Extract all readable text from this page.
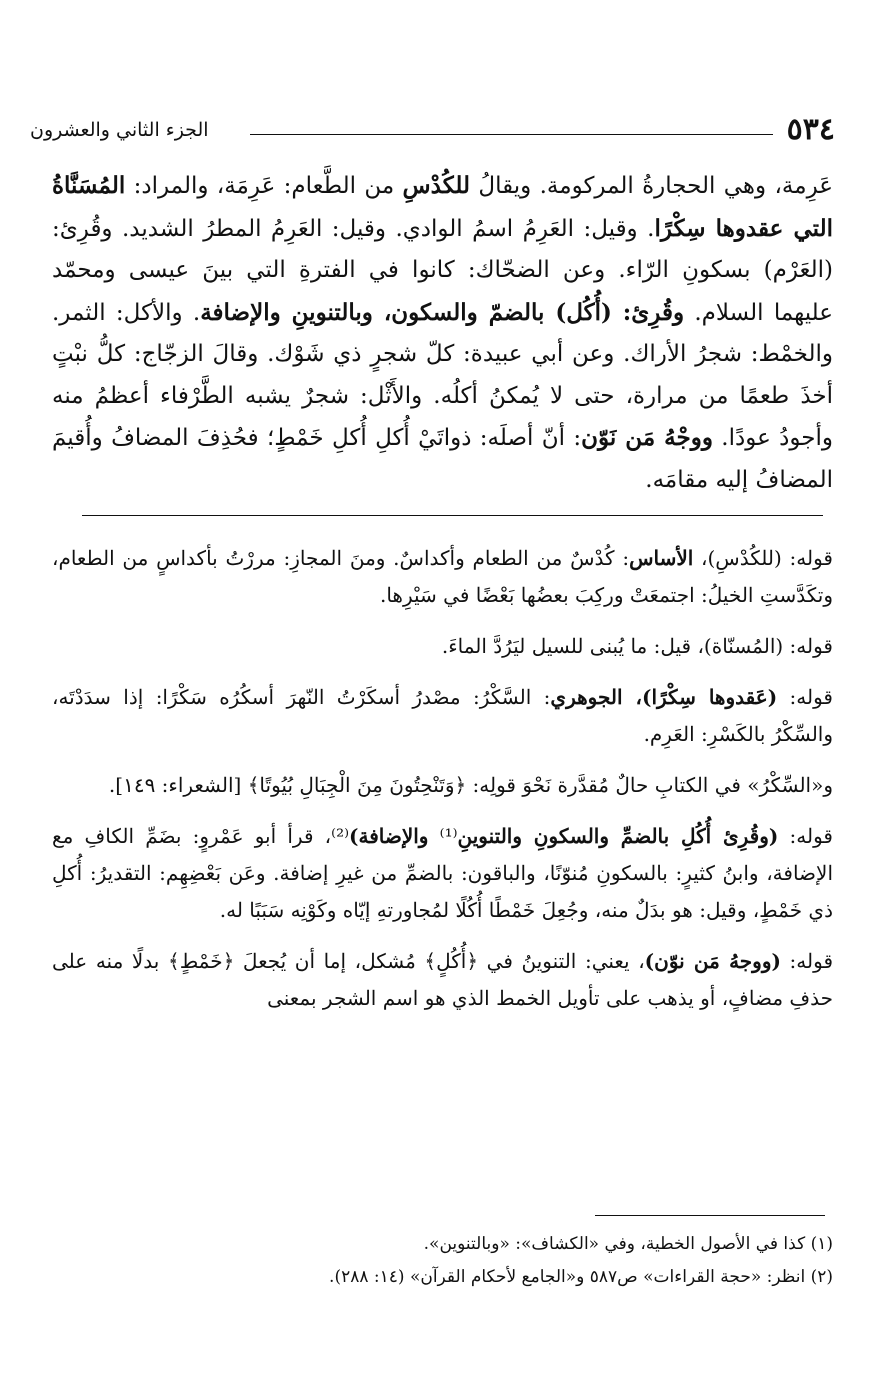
٥٣٤
الجزء الثاني والعشرون

عَرِمة، وهي الحجارةُ المركومة. ويقالُ للكُدْسِ من الطَّعام: عَرِمَة، والمراد: المُسَنَّاةُ التي عقدوها سِكْرًا. وقيل: العَرِمُ اسمُ الوادي. وقيل: العَرِمُ المطرُ الشديد. وقُرِئ: (العَرْم) بسكونِ الرّاء. وعن الضحّاك: كانوا في الفترةِ التي بينَ عيسى ومحمّد عليهما السلام. وقُرِئ: (أُكُل) بالضمّ والسكون، وبالتنوينِ والإضافة. والأكل: الثمر. والخمْط: شجرُ الأراك. وعن أبي عبيدة: كلّ شجرٍ ذي شَوْك. وقالَ الزجّاج: كلُّ نبْتٍ أخذَ طعمًا من مرارة، حتى لا يُمكنُ أكلُه. والأَثْل: شجرٌ يشبه الطَّرْفاء أعظمُ منه وأجودُ عودًا. ووجْهُ مَن نَوّن: أنّ أصلَه: ذواتَيْ أُكلِ أُكلِ خَمْطٍ؛ فحُذِفَ المضافُ وأُقيمَ المضافُ إليه مقامَه.

قوله: (للكُدْسِ)، الأساس: كُدْسٌ من الطعام وأكداسٌ. ومنَ المجازِ: مررْتُ بأكداسٍ من الطعام، وتكَدَّستِ الخيلُ: اجتمعَتْ وركِبَ بعضُها بَعْضًا في سَيْرِها.

قوله: (المُسنّاة)، قيل: ما يُبنى للسيل ليَرُدَّ الماءَ.

قوله: (عَقدوها سِكْرًا)، الجوهري: السَّكْرُ: مصْدرُ أسكَرْتُ النّهرَ أسكُرُه سَكْرًا: إذا سدَدْتَه، والسِّكْرُ بالكَسْرِ: العَرِم.

و«السِّكْرُ» في الكتابِ حالٌ مُقدَّرة نَحْوَ قولِه: ﴿وَتَنْحِتُونَ مِنَ الْجِبَالِ بُيُوتًا﴾ [الشعراء: ١٤٩].

قوله: (وقُرِئ أُكُلِ بالضمِّ والسكونِ والتنوينِ⁽¹⁾ والإضافة)⁽²⁾، قرأ أبو عَمْروٍ: بضَمِّ الكافِ مع الإضافة، وابنُ كثيرٍ: بالسكونِ مُنوّنًا، والباقون: بالضمِّ من غيرِ إضافة. وعَن بَعْضِهِم: التقديرُ: أُكلِ ذي خَمْطٍ، وقيل: هو بدَلٌ منه، وجُعِلَ خَمْطًا أُكُلًا لمُجاورتهِ إيّاه وكَوْنِه سَبَبًا له.

قوله: (ووجهُ مَن نوّن)، يعني: التنوينُ في ﴿أُكُلٍ﴾ مُشكل، إما أن يُجعلَ ﴿خَمْطٍ﴾ بدلًا منه على حذفِ مضافٍ، أو يذهب على تأويل الخمط الذي هو اسم الشجر بمعنى

(١) كذا في الأصول الخطية، وفي «الكشاف»: «وبالتنوين».

(٢) انظر: «حجة القراءات» ص٥٨٧ و«الجامع لأحكام القرآن» (١٤: ٢٨٨).
